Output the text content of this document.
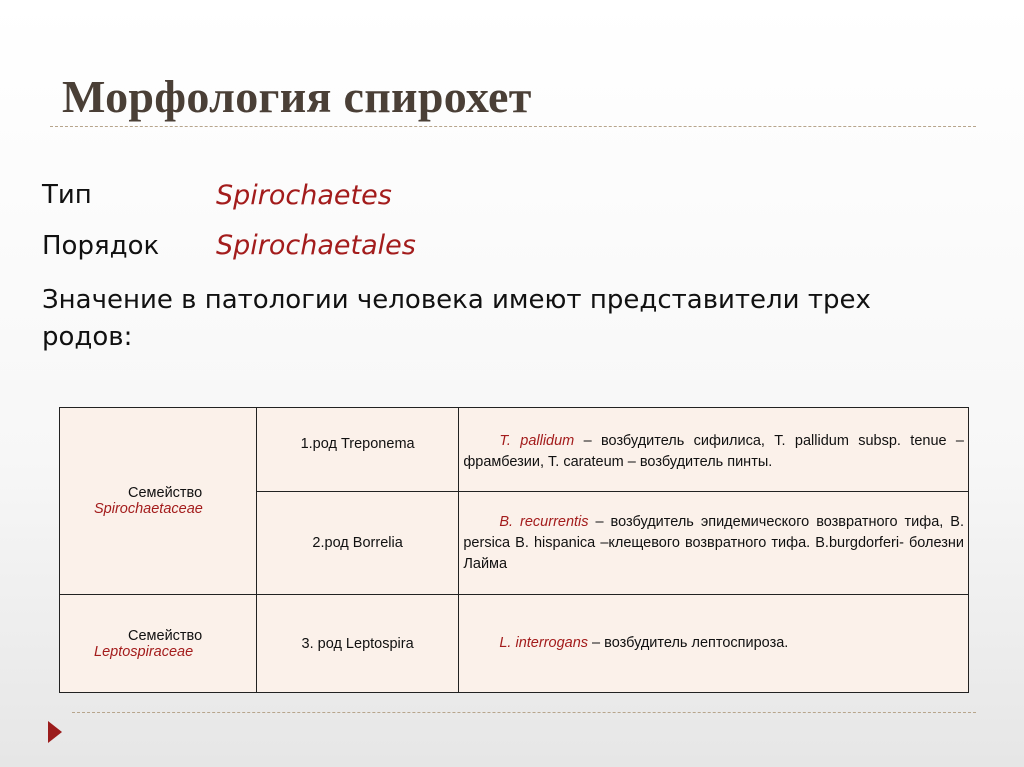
Морфология спирохет
Тип	Spirochaetes
Порядок Spirochaetales
Значение в патологии человека имеют представители трех родов:
Семейство
Spirochaetaceae	1.род Treponema	T. pallidum – возбудитель сифилиса, T. pallidum subsp. tenue – фрамбезии, T. carateum – возбудитель пинты.

	2.род Borrelia	B. recurrentis – возбудитель эпидемического возвратного тифа, B. persica B. hispanica –клещевого возвратного тифа. B.burgdorferi- болезни Лайма

Семейство
Leptospiraceae	3. род Leptospira	L. interrogans – возбудитель лептоспироза.
